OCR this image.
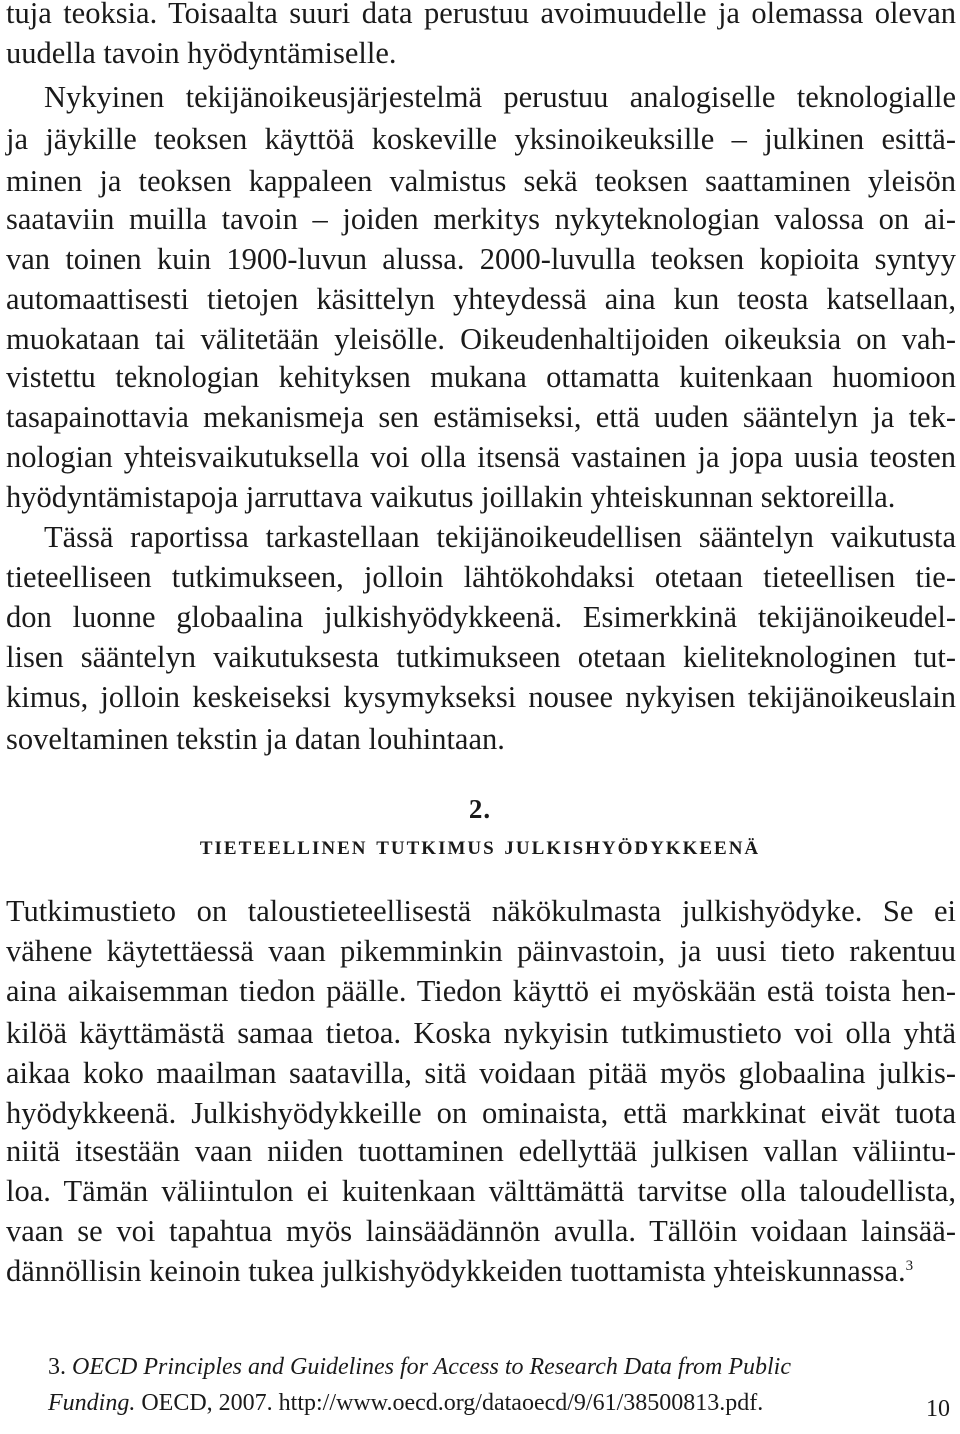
tuja teoksia. Toisaalta suuri data perustuu avoimuudelle ja olemassa olevan
uudella tavoin hyödyntämiselle.
Nykyinen tekijänoikeusjärjestelmä perustuu analogiselle teknologialle
ja jäykille teoksen käyttöä koskeville yksinoikeuksille – julkinen esittä-
minen ja teoksen kappaleen valmistus sekä teoksen saattaminen yleisön
saataviin muilla tavoin – joiden merkitys nykyteknologian valossa on ai-
van toinen kuin 1900-luvun alussa. 2000-luvulla teoksen kopioita syntyy
automaattisesti tietojen käsittelyn yhteydessä aina kun teosta katsellaan,
muokataan tai välitetään yleisölle. Oikeudenhaltijoiden oikeuksia on vah-
vistettu teknologian kehityksen mukana ottamatta kuitenkaan huomioon
tasapainottavia mekanismeja sen estämiseksi, että uuden sääntelyn ja tek-
nologian yhteisvaikutuksella voi olla itsensä vastainen ja jopa uusia teosten
hyödyntämistapoja jarruttava vaikutus joillakin yhteiskunnan sektoreilla.
Tässä raportissa tarkastellaan tekijänoikeudellisen sääntelyn vaikutusta
tieteelliseen tutkimukseen, jolloin lähtökohdaksi otetaan tieteellisen tie-
don luonne globaalina julkishyödykkeenä. Esimerkkinä tekijänoikeudel-
lisen sääntelyn vaikutuksesta tutkimukseen otetaan kieliteknologinen tut-
kimus, jolloin keskeiseksi kysymykseksi nousee nykyisen tekijänoikeuslain
soveltaminen tekstin ja datan louhintaan.
2.
tieteellinen tutkimus julkishyödykkeenä
Tutkimustieto on taloustieteellisestä näkökulmasta julkishyödyke. Se ei
vähene käytettäessä vaan pikemminkin päinvastoin, ja uusi tieto rakentuu
aina aikaisemman tiedon päälle. Tiedon käyttö ei myöskään estä toista hen-
kilöä käyttämästä samaa tietoa. Koska nykyisin tutkimustieto voi olla yhtä
aikaa koko maailman saatavilla, sitä voidaan pitää myös globaalina julkis-
hyödykkeenä. Julkishyödykkeille on ominaista, että markkinat eivät tuota
niitä itsestään vaan niiden tuottaminen edellyttää julkisen vallan väliintu-
loa. Tämän väliintulon ei kuitenkaan välttämättä tarvitse olla taloudellista,
vaan se voi tapahtua myös lainsäädännön avulla. Tällöin voidaan lainsää-
dännöllisin keinoin tukea julkishyödykkeiden tuottamista yhteiskunnassa.$^3$
3. OECD Principles and Guidelines for Access to Research Data from Public
Funding. OECD, 2007. http://www.oecd.org/dataoecd/9/61/38500813.pdf.	10
